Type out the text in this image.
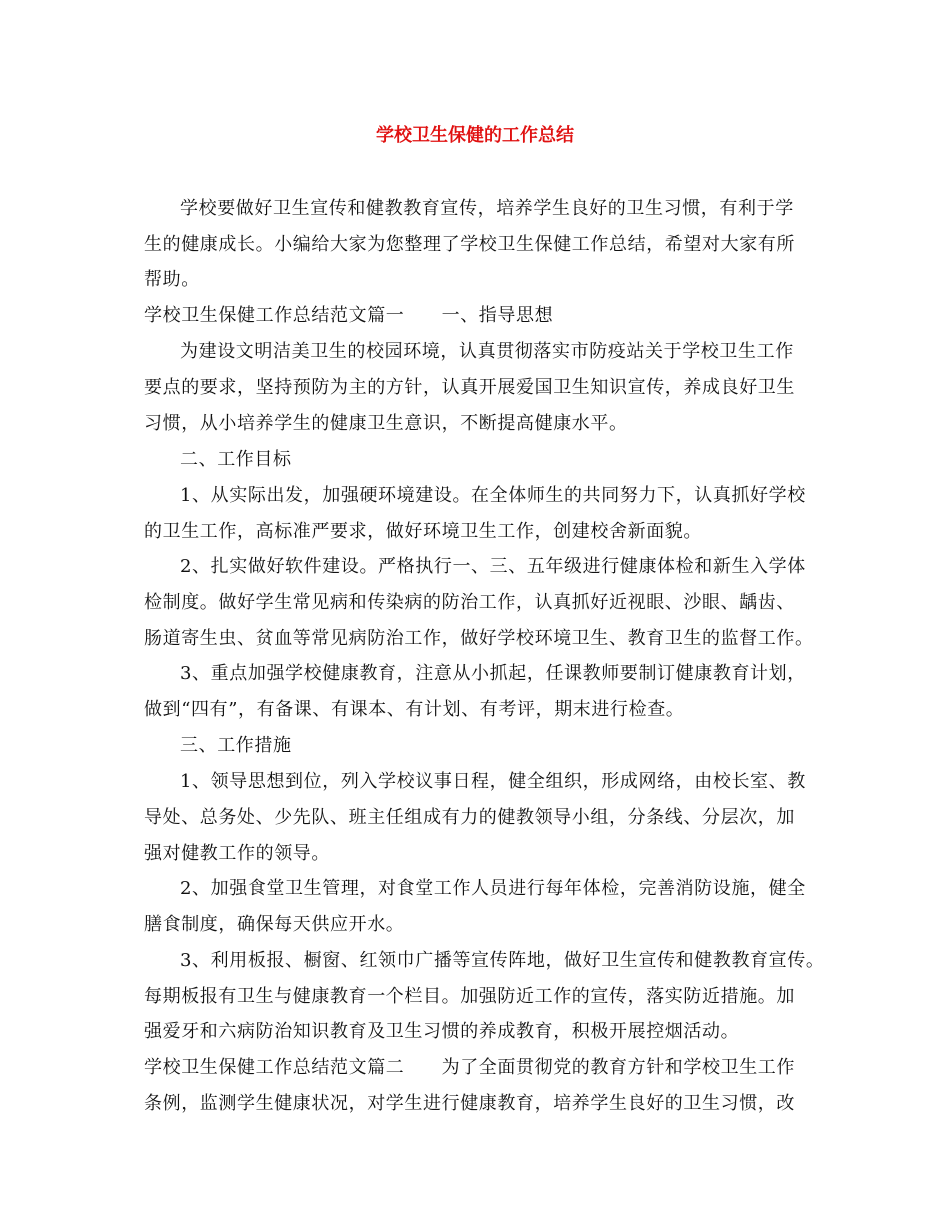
学校卫生保健的工作总结
学校要做好卫生宣传和健教教育宣传，培养学生良好的卫生习惯，有利于学
生的健康成长。小编给大家为您整理了学校卫生保健工作总结，希望对大家有所
帮助。
学校卫生保健工作总结范文篇一　　一、指导思想
为建设文明洁美卫生的校园环境，认真贯彻落实市防疫站关于学校卫生工作
要点的要求，坚持预防为主的方针，认真开展爱国卫生知识宣传，养成良好卫生
习惯，从小培养学生的健康卫生意识，不断提高健康水平。
二、工作目标
1、从实际出发，加强硬环境建设。在全体师生的共同努力下，认真抓好学校
的卫生工作，高标准严要求，做好环境卫生工作，创建校舍新面貌。
2、扎实做好软件建设。严格执行一、三、五年级进行健康体检和新生入学体
检制度。做好学生常见病和传染病的防治工作，认真抓好近视眼、沙眼、龋齿、
肠道寄生虫、贫血等常见病防治工作，做好学校环境卫生、教育卫生的监督工作。
3、重点加强学校健康教育，注意从小抓起，任课教师要制订健康教育计划，
做到“四有”，有备课、有课本、有计划、有考评，期末进行检查。
三、工作措施
1、领导思想到位，列入学校议事日程，健全组织，形成网络，由校长室、教
导处、总务处、少先队、班主任组成有力的健教领导小组，分条线、分层次，加
强对健教工作的领导。
2、加强食堂卫生管理，对食堂工作人员进行每年体检，完善消防设施，健全
膳食制度，确保每天供应开水。
3、利用板报、橱窗、红领巾广播等宣传阵地，做好卫生宣传和健教教育宣传。
每期板报有卫生与健康教育一个栏目。加强防近工作的宣传，落实防近措施。加
强爱牙和六病防治知识教育及卫生习惯的养成教育，积极开展控烟活动。
学校卫生保健工作总结范文篇二　　为了全面贯彻党的教育方针和学校卫生工作
条例，监测学生健康状况，对学生进行健康教育，培养学生良好的卫生习惯，改
